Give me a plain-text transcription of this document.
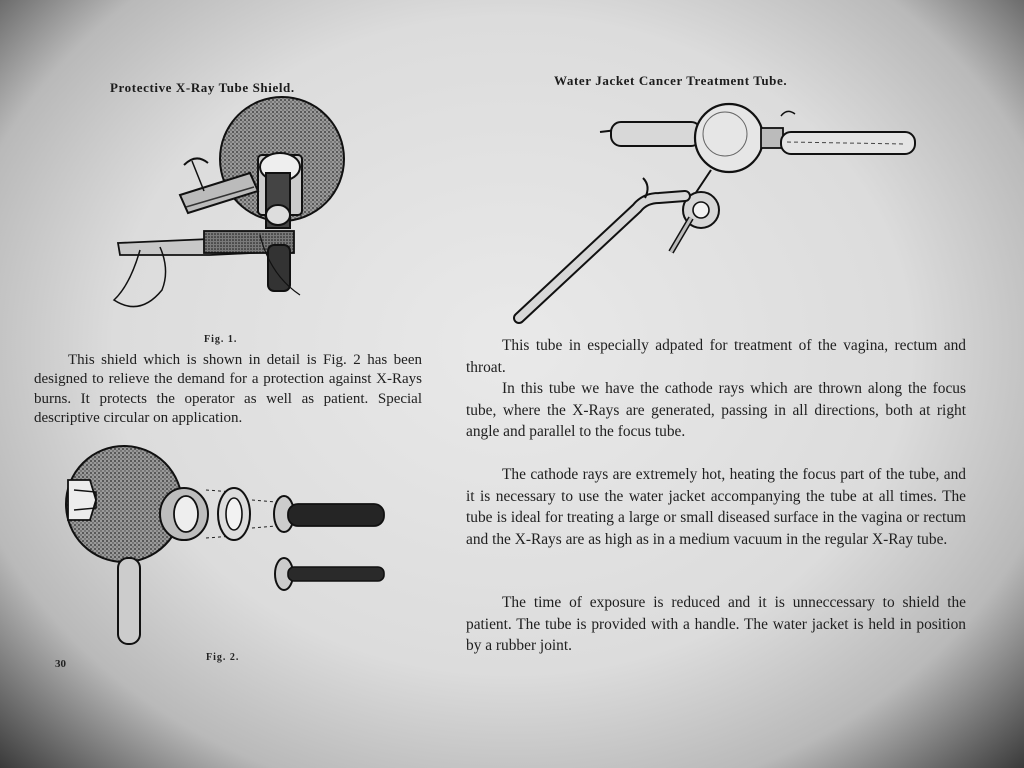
Protective X-Ray Tube Shield.
Fig. 1.

This shield which is shown in detail is Fig. 2 has been designed to relieve the demand for a protection against X-Rays burns. It protects the operator as well as patient. Special descriptive circular on application.

30
Fig. 2.
Water Jacket Cancer Treatment Tube.

This tube in especially adpated for treatment of the vagina, rectum and throat.

In this tube we have the cathode rays which are thrown along the focus tube, where the X-Rays are generated, passing in all directions, both at right angle and parallel to the focus tube.

The cathode rays are extremely hot, heating the focus part of the tube, and it is necessary to use the water jacket accompanying the tube at all times. The tube is ideal for treating a large or small diseased surface in the vagina or rectum and the X-Rays are as high as in a medium vacuum in the regular X-Ray tube.

The time of exposure is reduced and it is unneccessary to shield the patient. The tube is provided with a handle. The water jacket is held in position by a rubber joint.
